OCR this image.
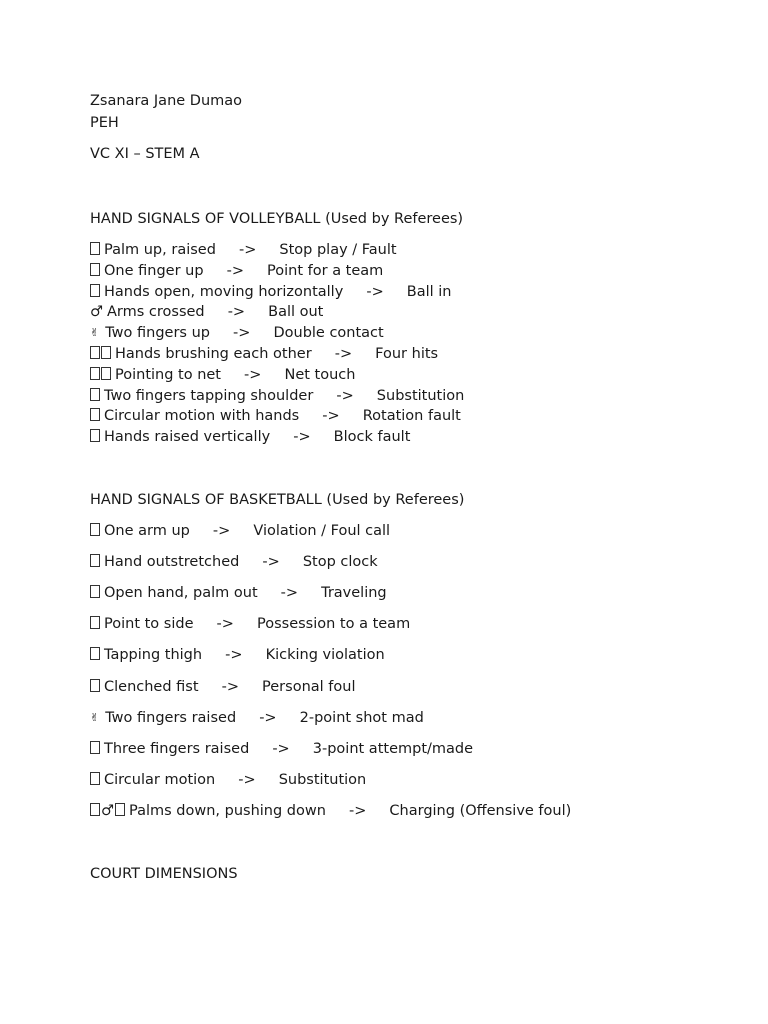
Zsanara Jane Dumao
PEH
VC XI – STEM A
HAND SIGNALS OF VOLLEYBALL (Used by Referees)
Palm up, raised -> Stop play / Fault
One finger up -> Point for a team
Hands open, moving horizontally -> Ball in
♂ Arms crossed -> Ball out
✌ Two fingers up -> Double contact
Hands brushing each other -> Four hits
Pointing to net -> Net touch
Two fingers tapping shoulder -> Substitution
Circular motion with hands -> Rotation fault
Hands raised vertically -> Block fault
HAND SIGNALS OF BASKETBALL (Used by Referees)
One arm up -> Violation / Foul call
Hand outstretched -> Stop clock
Open hand, palm out -> Traveling
Point to side -> Possession to a team
Tapping thigh -> Kicking violation
Clenched fist -> Personal foul
✌ Two fingers raised -> 2-point shot mad
Three fingers raised -> 3-point attempt/made
Circular motion -> Substitution
♂ Palms down, pushing down -> Charging (Offensive foul)
COURT DIMENSIONS
